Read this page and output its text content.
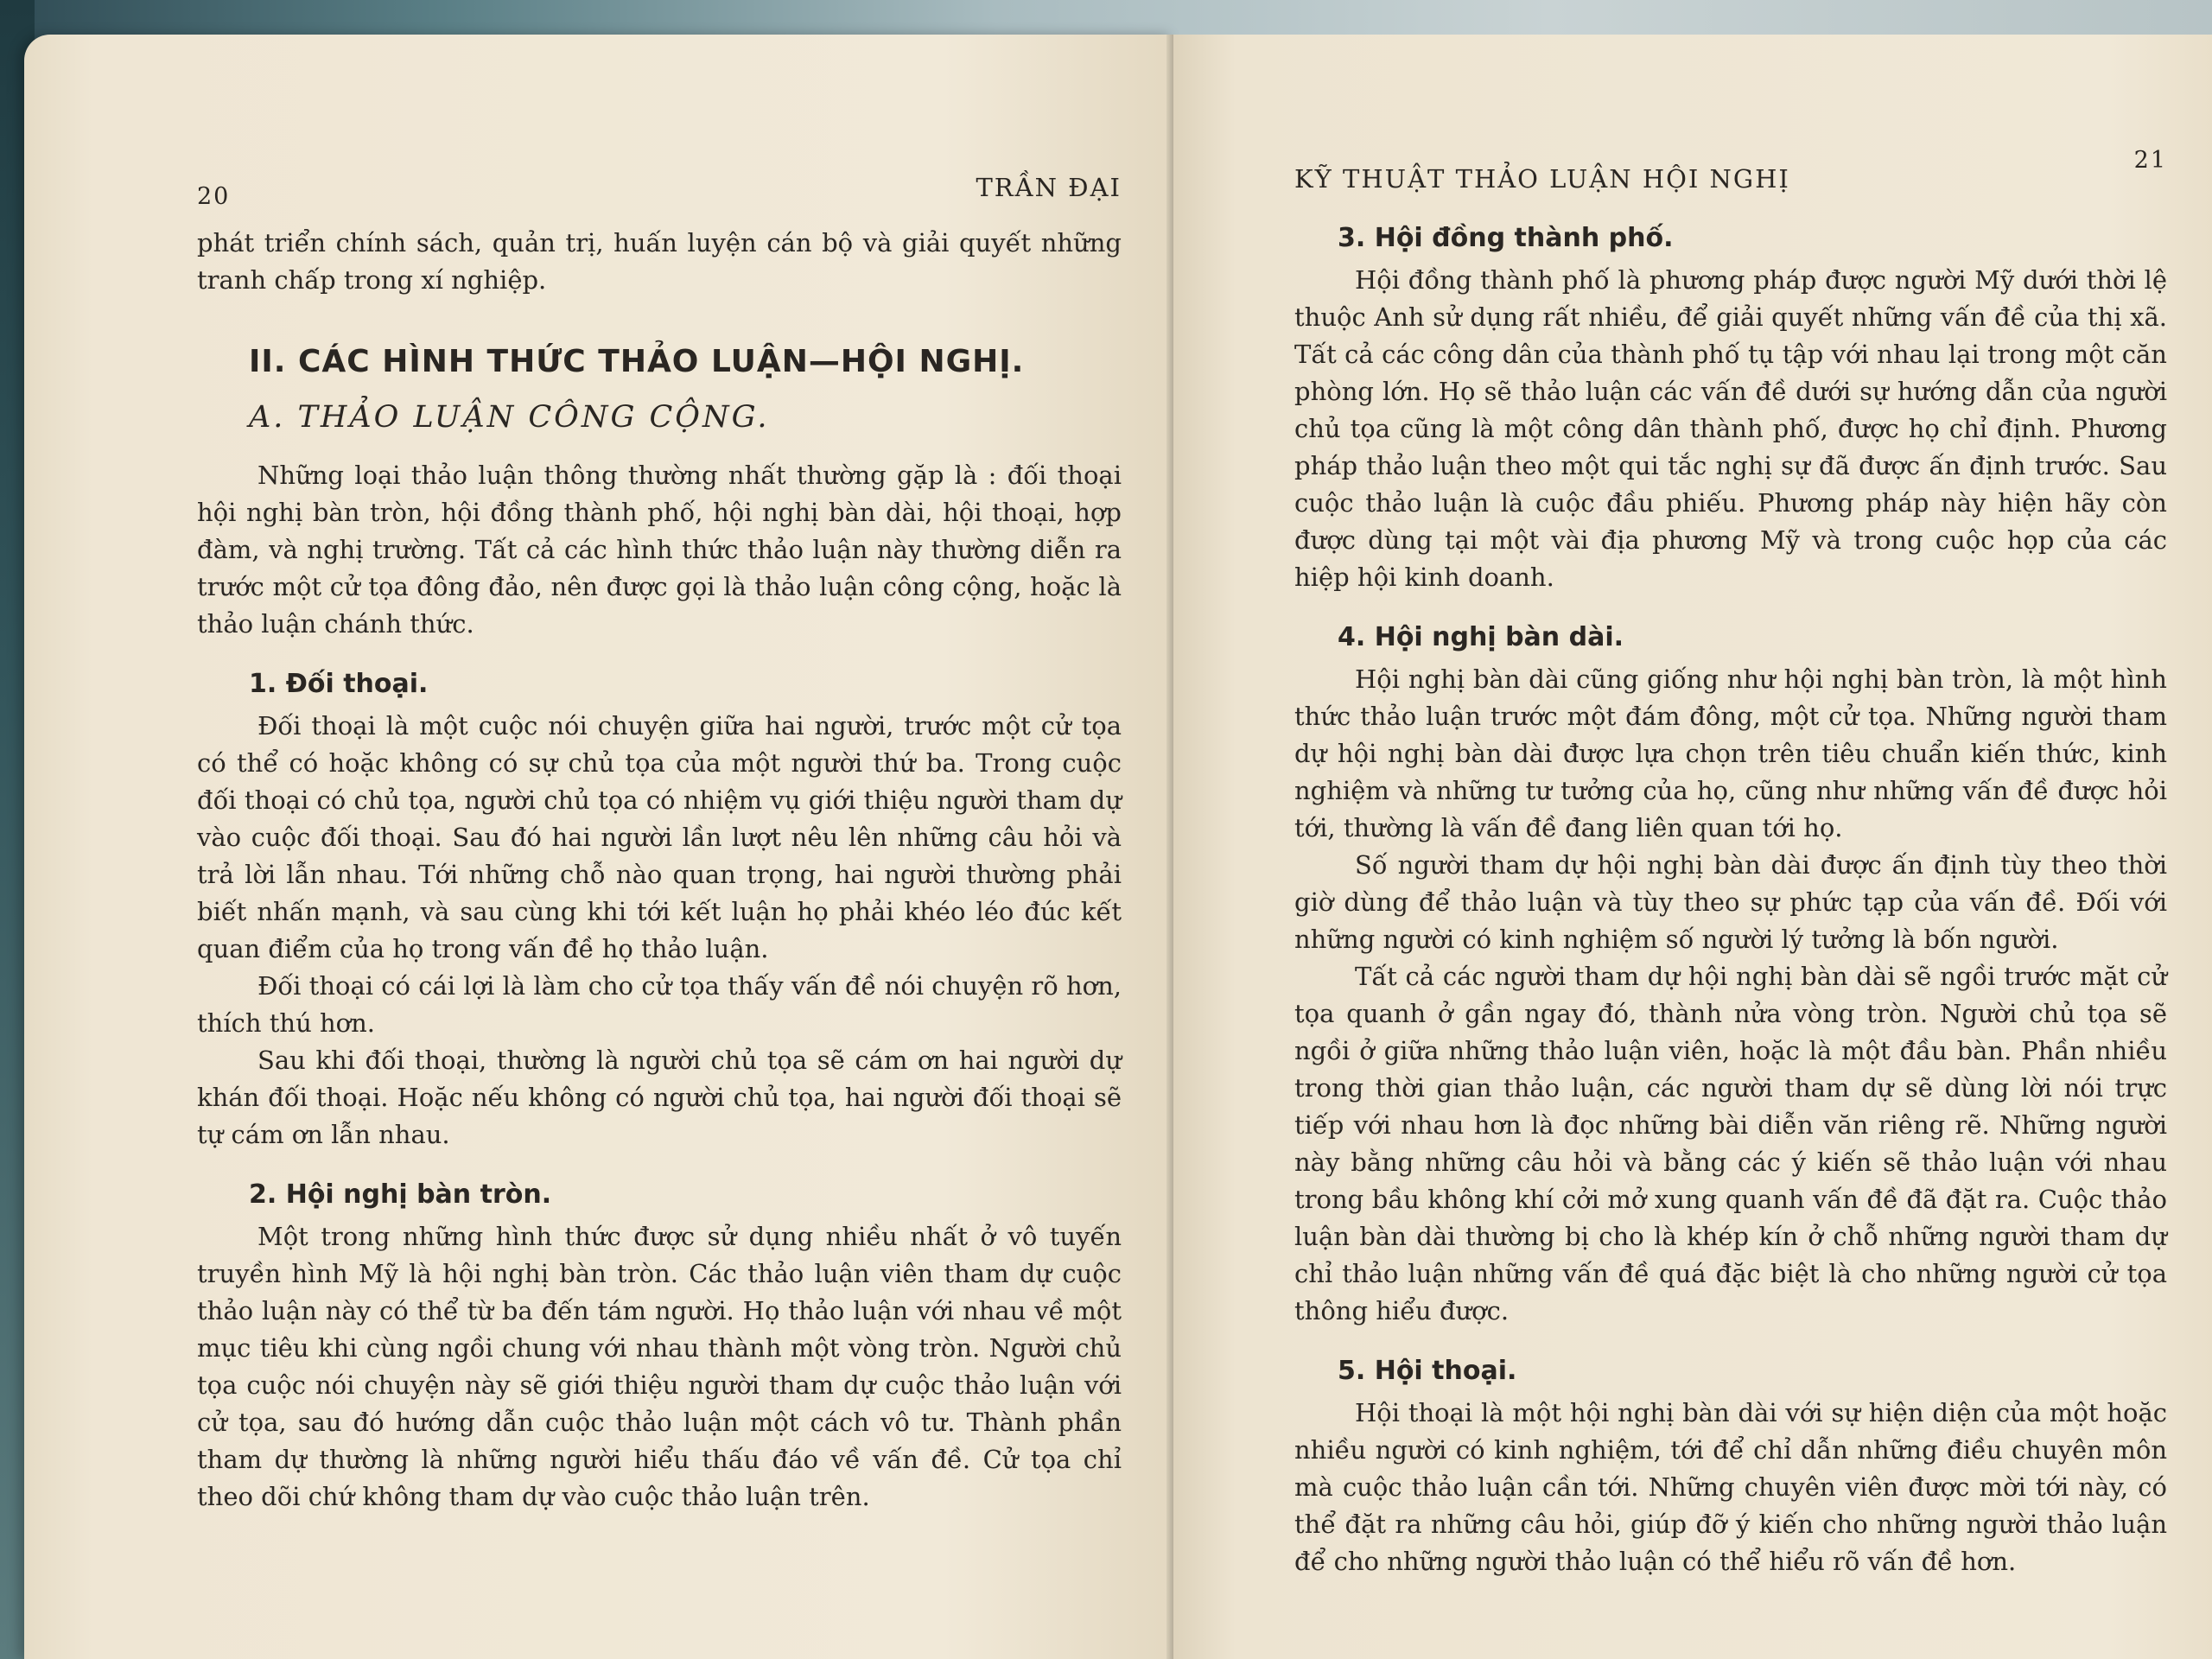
20	TRẦN ĐẠI

phát triển chính sách, quản trị, huấn luyện cán bộ và giải quyết những tranh chấp trong xí nghiệp.

II. CÁC HÌNH THỨC THẢO LUẬN—HỘI NGHỊ.
A. THẢO LUẬN CÔNG CỘNG.

Những loại thảo luận thông thường nhất thường gặp là : đối thoại hội nghị bàn tròn, hội đồng thành phố, hội nghị bàn dài, hội thoại, hợp đàm, và nghị trường. Tất cả các hình thức thảo luận này thường diễn ra trước một cử tọa đông đảo, nên được gọi là thảo luận công cộng, hoặc là thảo luận chánh thức.

1. Đối thoại.

Đối thoại là một cuộc nói chuyện giữa hai người, trước một cử tọa có thể có hoặc không có sự chủ tọa của một người thứ ba. Trong cuộc đối thoại có chủ tọa, người chủ tọa có nhiệm vụ giới thiệu người tham dự vào cuộc đối thoại. Sau đó hai người lần lượt nêu lên những câu hỏi và trả lời lẫn nhau. Tới những chỗ nào quan trọng, hai người thường phải biết nhấn mạnh, và sau cùng khi tới kết luận họ phải khéo léo đúc kết quan điểm của họ trong vấn đề họ thảo luận.

Đối thoại có cái lợi là làm cho cử tọa thấy vấn đề nói chuyện rõ hơn, thích thú hơn.

Sau khi đối thoại, thường là người chủ tọa sẽ cám ơn hai người dự khán đối thoại. Hoặc nếu không có người chủ tọa, hai người đối thoại sẽ tự cám ơn lẫn nhau.

2. Hội nghị bàn tròn.

Một trong những hình thức được sử dụng nhiều nhất ở vô tuyến truyền hình Mỹ là hội nghị bàn tròn. Các thảo luận viên tham dự cuộc thảo luận này có thể từ ba đến tám người. Họ thảo luận với nhau về một mục tiêu khi cùng ngồi chung với nhau thành một vòng tròn. Người chủ tọa cuộc nói chuyện này sẽ giới thiệu người tham dự cuộc thảo luận với cử tọa, sau đó hướng dẫn cuộc thảo luận một cách vô tư. Thành phần tham dự thường là những người hiểu thấu đáo về vấn đề. Cử tọa chỉ theo dõi chứ không tham dự vào cuộc thảo luận trên.

KỸ THUẬT THẢO LUẬN HỘI NGHỊ
21
3. Hội đồng thành phố.

Hội đồng thành phố là phương pháp được người Mỹ dưới thời lệ thuộc Anh sử dụng rất nhiều, để giải quyết những vấn đề của thị xã. Tất cả các công dân của thành phố tụ tập với nhau lại trong một căn phòng lớn. Họ sẽ thảo luận các vấn đề dưới sự hướng dẫn của người chủ tọa cũng là một công dân thành phố, được họ chỉ định. Phương pháp thảo luận theo một qui tắc nghị sự đã được ấn định trước. Sau cuộc thảo luận là cuộc đầu phiếu. Phương pháp này hiện hãy còn được dùng tại một vài địa phương Mỹ và trong cuộc họp của các hiệp hội kinh doanh.

4. Hội nghị bàn dài.

Hội nghị bàn dài cũng giống như hội nghị bàn tròn, là một hình thức thảo luận trước một đám đông, một cử tọa. Những người tham dự hội nghị bàn dài được lựa chọn trên tiêu chuẩn kiến thức, kinh nghiệm và những tư tưởng của họ, cũng như những vấn đề được hỏi tới, thường là vấn đề đang liên quan tới họ.

Số người tham dự hội nghị bàn dài được ấn định tùy theo thời giờ dùng để thảo luận và tùy theo sự phức tạp của vấn đề. Đối với những người có kinh nghiệm số người lý tưởng là bốn người.

Tất cả các người tham dự hội nghị bàn dài sẽ ngồi trước mặt cử tọa quanh ở gần ngay đó, thành nửa vòng tròn. Người chủ tọa sẽ ngồi ở giữa những thảo luận viên, hoặc là một đầu bàn. Phần nhiều trong thời gian thảo luận, các người tham dự sẽ dùng lời nói trực tiếp với nhau hơn là đọc những bài diễn văn riêng rẽ. Những người này bằng những câu hỏi và bằng các ý kiến sẽ thảo luận với nhau trong bầu không khí cởi mở xung quanh vấn đề đã đặt ra. Cuộc thảo luận bàn dài thường bị cho là khép kín ở chỗ những người tham dự chỉ thảo luận những vấn đề quá đặc biệt là cho những người cử tọa thông hiểu được.

5. Hội thoại.

Hội thoại là một hội nghị bàn dài với sự hiện diện của một hoặc nhiều người có kinh nghiệm, tới để chỉ dẫn những điều chuyên môn mà cuộc thảo luận cần tới. Những chuyên viên được mời tới này, có thể đặt ra những câu hỏi, giúp đỡ ý kiến cho những người thảo luận để cho những người thảo luận có thể hiểu rõ vấn đề hơn.
